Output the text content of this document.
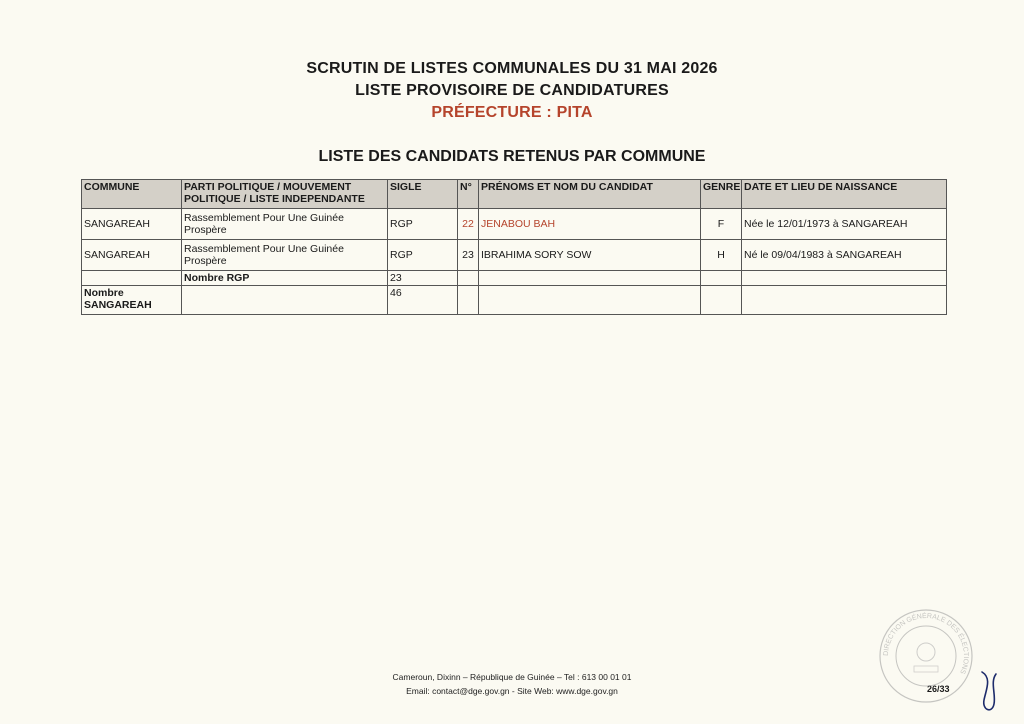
SCRUTIN DE LISTES COMMUNALES DU 31 MAI 2026
LISTE PROVISOIRE DE CANDIDATURES
PRÉFECTURE : PITA
LISTE DES CANDIDATS RETENUS PAR COMMUNE
COMMUNE	PARTI POLITIQUE / MOUVEMENT POLITIQUE / LISTE INDEPENDANTE	SIGLE	N°	PRÉNOMS ET NOM DU CANDIDAT	GENRE	DATE ET LIEU DE NAISSANCE
SANGAREAH	Rassemblement Pour Une Guinée Prospère	RGP	22	JENABOU BAH	F	Née le 12/01/1973 à SANGAREAH
SANGAREAH	Rassemblement Pour Une Guinée Prospère	RGP	23	IBRAHIMA SORY SOW	H	Né le 09/04/1983 à SANGAREAH
	Nombre RGP	23				
Nombre SANGAREAH		46				
Cameroun, Dixinn – République de Guinée – Tel : 613 00 01 01
Email: contact@dge.gov.gn - Site Web: www.dge.gov.gn	26/33
DIRECTION GÉNÉRALE DES ÉLECTIONS
